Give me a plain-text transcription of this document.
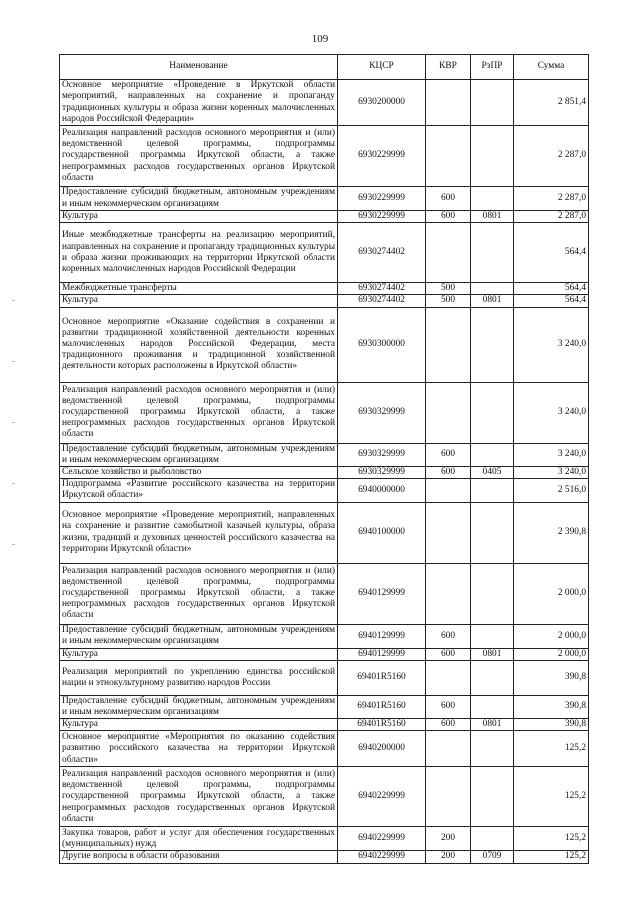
109
Наименование	КЦСР	КВР	РзПР	Сумма
Основное мероприятие «Проведение в Иркутской области мероприятий, направленных на сохранение и пропаганду традиционных культуры и образа жизни коренных малочисленных народов Российской Федерации»	6930200000			2 851,4
Реализация направлений расходов основного мероприятия и (или) ведомственной целевой программы, подпрограммы государственной программы Иркутской области, а также непрограммных расходов государственных органов Иркутской области	6930229999			2 287,0
Предоставление субсидий бюджетным, автономным учреждениям и иным некоммерческим организациям	6930229999	600		2 287,0
Культура	6930229999	600	0801	2 287,0
Иные межбюджетные трансферты на реализацию мероприятий, направленных на сохранение и пропаганду традиционных культуры и образа жизни проживающих на территории Иркутской области коренных малочисленных народов Российской Федерации	6930274402			564,4
Межбюджетные трансферты	6930274402	500		564,4
Культура	6930274402	500	0801	564,4
Основное мероприятие «Оказание содействия в сохранении и развитии традиционной хозяйственной деятельности коренных малочисленных народов Российской Федерации, места традиционного проживания и традиционной хозяйственной деятельности которых расположены в Иркутской области»	6930300000			3 240,0
Реализация направлений расходов основного мероприятия и (или) ведомственной целевой программы, подпрограммы государственной программы Иркутской области, а также непрограммных расходов государственных органов Иркутской области	6930329999			3 240,0
Предоставление субсидий бюджетным, автономным учреждениям и иным некоммерческим организациям	6930329999	600		3 240,0
Сельское хозяйство и рыболовство	6930329999	600	0405	3 240,0
Подпрограмма «Развитие российского казачества на территории Иркутской области»	6940000000			2 516,0
Основное мероприятие «Проведение мероприятий, направленных на сохранение и развитие самобытной казачьей культуры, образа жизни, традиций и духовных ценностей российского казачества на территории Иркутской области»	6940100000			2 390,8
Реализация направлений расходов основного мероприятия и (или) ведомственной целевой программы, подпрограммы государственной программы Иркутской области, а также непрограммных расходов государственных органов Иркутской области	6940129999			2 000,0
Предоставление субсидий бюджетным, автономным учреждениям и иным некоммерческим организациям	6940129999	600		2 000,0
Культура	6940129999	600	0801	2 000,0
Реализация мероприятий по укреплению единства российской нации и этнокультурному развитию народов России	69401R5160			390,8
Предоставление субсидий бюджетным, автономным учреждениям и иным некоммерческим организациям	69401R5160	600		390,8
Культура	69401R5160	600	0801	390,8
Основное мероприятие «Мероприятия по оказанию содействия развитию российского казачества на территории Иркутской области»	6940200000			125,2
Реализация направлений расходов основного мероприятия и (или) ведомственной целевой программы, подпрограммы государственной программы Иркутской области, а также непрограммных расходов государственных органов Иркутской области	6940229999			125,2
Закупка товаров, работ и услуг для обеспечения государственных (муниципальных) нужд	6940229999	200		125,2
Другие вопросы в области образования	6940229999	200	0709	125,2
